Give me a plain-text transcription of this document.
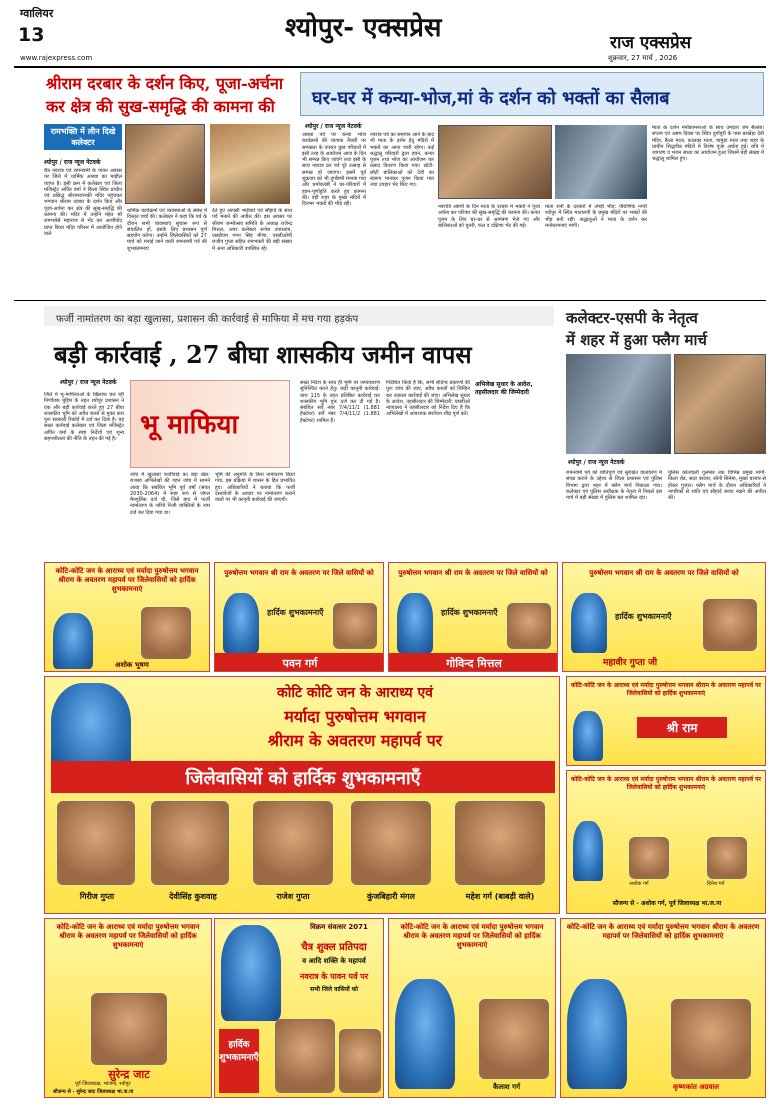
ग्वालियर
13	श्योपुर- एक्सप्रेस	राज एक्सप्रेस
www.rajexpress.com	शुक्रवार, 27 मार्च , 2026
श्रीराम दरबार के दर्शन किए, पूजा-अर्चना
कर क्षेत्र की सुख-समृद्धि की कामना की
रामभक्ति में लीन दिखे कलेक्टर
श्योपुर / राज न्यूज नेटवर्क
चैत्र नवरात्र एवं रामनवमी के पावन अवसर पर जिले में धार्मिक आस्था का माहौल व्याप्त है। इसी क्रम में कलेक्टर एवं जिला मजिस्ट्रेट अर्पित वर्मा ने किला स्थित प्राचीन एवं प्रसिद्ध श्रीरामजानकी मंदिर पहुंचकर भगवान श्रीराम दरबार के दर्शन किए और पूजा-अर्चना कर क्षेत्र की सुख-समृद्धि की कामना की। मंदिर में उन्होंने महंत श्री रामभरोसे महाराज से भेंट कर आशीर्वाद प्राप्त किया मंदिर परिसर में आयोजित होने वाले
धार्मिक कार्यक्रमों एवं व्यवस्थाओं के संबंध में विस्तृत चर्चा की। कलेक्टर ने कहा कि पर्व के दौरान सभी व्यवस्थाएं सुचारू रूप से संचालित हों, इसके लिए प्रशासन पूर्ण सहयोग करेगा। उन्होंने जिलेवासियों को 27 मार्च को मनाई जाने वाली रामनवमी पर्व की शुभकामनाएं
देते हुए आपसी भाईचारे एवं सौहार्द के साथ पर्व मनाने की अपील की। इस अवसर पर श्रीराम जन्मोत्सव समिति के अध्यक्ष राजेन्द्र मित्तल, अपर कलेक्टर रूपेश उपाध्याय, एसडीएम गगन सिंह मीणा, एसडीओपी राजीव गुप्ता सहित रामभक्तों की बड़ी संख्या में अन्य अधिकारी उपस्थित रहे।
घर-घर में कन्या-भोज,मां के दर्शन को भक्तों का सैलाब
श्योपुर / राज न्यूज नेटवर्क
आस्था पर्व पर कन्या भोज कार्यक्रमों की व्यापक तैयारी पर सम्पन्नता के उपरांत कुछ परिवारों में इसी तरह के आयोजन आज के दिन भी सम्पन्न किए जाएंगे तथा इसी के साथ नवरात्र व्रत पर्व पूरे उत्साह से सम्पन्न हो जाएगा। इसमें पूर्व शुक्रवार को भी दुर्गाष्टमी मनाया गया और धर्मावलंबी ने घर-परिवारों में हवन-पूर्णाहुति करते हुए कामना की। वहीं शहर के मुख्य मंदिरों में दिनभर भक्तों की भीड़ रही।
नवरात्र पर्व का समापन आने के बाद भी माता के दर्शन हेतु मंदिरों में भक्तों का आना जारी रहेगा। कई श्रद्धालु परिवारों द्वारा हवन, कन्या पूजन तथा भोज का आयोजन कर प्रसाद वितरण किया गया। छोटी-छोटी बालिकाओं को देवी का स्वरूप मानकर पूजन किया गया तथा उपहार भेंट किए गए।
नवरात्रि अष्टमी के दिन माता के दरबार में भक्तों ने पूजा अर्चना कर परिवार की सुख-समृद्धि की कामना की। कन्या पूजन के लिए घर-घर से आमंत्रण भेजे गए और बालिकाओं को चुनरी, फल व दक्षिणा भेंट की गई।
माता रानी के दरबारों में उमड़ी भीड़: पौराणिक नगरी श्योपुर में स्थित मातारानी के प्रमुख मंदिरों पर भक्तों की भीड़ बनी रही। श्रद्धालुओं ने माता के दर्शन कर मनोकामनाएं मांगी।
माता के दर्शन मनोकामनाओं के साथ उमड़ता जन सैलाब। सप्तम एवं अष्टम दिवस पर स्थित दुर्गापुरी के पास बरखेड़ा देवी मंदिर, कैला माता, कालका माता, चामुंडा माता तथा शहर के प्राचीन सिद्धपीठ मंदिरों में विशेष पूजा अर्चना हुई। रात्रि में जागरण व भजन संध्या का आयोजन हुआ जिसमें बड़ी संख्या में श्रद्धालु शामिल हुए।
फर्जी नामांतरण का बड़ा खुलासा, प्रशासन की कार्रवाई से माफिया में मच गया हड़कंप
बड़ी कार्रवाई , 27 बीघा शासकीय जमीन वापस
श्योपुर / राज न्यूज नेटवर्क
जिले में भू-माफियाओं के खिलाफ चल रही निर्णायक मुहिम के तहत श्योपुर प्रशासन ने एक और बड़ी कार्रवाई करते हुए 27 बीघा शासकीय भूमि को अवैध कब्जे से मुक्त करा पुनः सरकारी रिकॉर्ड में दर्ज कर दिया है। यह सख्त कार्रवाई कलेक्टर एवं जिला मजिस्ट्रेट अर्पित वर्मा के स्पष्ट निर्देशों एवं शून्य सहनशीलता की नीति के तहत की गई है। भू माफिया
जांच में खुलासा फर्जीवाड़े का बड़ा खेल: राजस्व अभिलेखों की गहन जांच में सामने आया कि संबंधित भूमि पूर्व वर्षों (संवत् 2030-2064) में स्पष्ट रूप से जंगल मैनपुर्तिक दर्ज थी, जिसे बाद में फर्जी नामांतरण के जरिये निजी व्यक्तियों के नाम दर्ज कर दिया गया था।
भूमि की अनुमति के बिना नामांतरण किया गया, इस प्रक्रिया में शासन के हित प्रभावित हुए। अधिकारियों ने बताया कि फर्जी दस्तावेजों के आधार पर नामांतरण कराने वालों पर भी कानूनी कार्रवाई की जाएगी।
सख्त निर्देश के साथ ही भूमि पर जमावशरण सुनिश्चित करने हेतु। कड़ी कानूनी कार्रवाई: धारा 115 के तहत प्रतिष्ठित कार्रवाई कर शासकीय भूमि पुनः दर्ज कर दी गई है। संबंधित सर्वे नंबर 7/4/11/1 (1.881 हेक्टेयर) सर्वे नंबर 7/4/11/2 (1.881 हेक्टेयर) शामिल हैं।
निर्देशित किया है कि, सभी संदिग्ध प्रकरणों की पुनः जांच की जाए, अवैध कब्जों को चिन्हित कर तत्काल कार्रवाई की जाए। अभिलेख सुधार के आदेश, तहसीलदार की जिम्मेदारी: एसडीओ न्यायालय ने तहसीलदार को निर्देश दिए हैं कि अभिलेखों में आवश्यक संशोधन शीघ्र पूर्ण करें।
अभिलेख सुधार के आदेश, तहसीलदार की जिम्मेदारी
कलेक्टर-एसपी के नेतृत्व
में शहर में हुआ फ्लैग मार्च
श्योपुर / राज न्यूज नेटवर्क
रामनवमी पर्व को शांतिपूर्ण एवं सुरक्षित वातावरण में संपन्न कराने के उद्देश्य से जिला प्रशासन एवं पुलिस विभाग द्वारा शहर में फ्लैग मार्च निकाला गया। कलेक्टर एवं पुलिस अधीक्षक के नेतृत्व में निकले इस मार्च में बड़ी संख्या में पुलिस बल शामिल रहा।
पुलिस कोतवाली गुलम्बर तक विभिन्न प्रमुख मार्गों-किला रोड, सदर बाजार, सोनी सिनेमा, मुख्य बाजार-से होकर गुजरा। फ्लैग मार्च के दौरान अधिकारियों ने नागरिकों से शांति एवं सौहार्द बनाए रखने की अपील की।
कोटि-कोटि जन के आराध्य एवं मर्यादा पुरुषोत्तम भगवान श्रीराम के अवतरण महापर्व पर जिलेवासियों को हार्दिक शुभकामनाएं
अशोक भूषण
पुरुषोत्तम भगवान श्री राम के अवतरण पर जिले वासियों को
हार्दिक शुभकामनाएँ
पवन गर्ग
पुरुषोत्तम भगवान श्री राम के अवतरण पर जिले वासियों को
हार्दिक शुभकामनाएँ
गोविन्द मित्तल
पुरुषोत्तम भगवान श्री राम के अवतरण पर जिले वासियों को
हार्दिक शुभकामनाएँ
महावीर गुप्ता जी
कोटि कोटि जन के आराध्य एवं
मर्यादा पुरुषोत्तम भगवान
श्रीराम के अवतरण महापर्व पर
जिलेवासियों को हार्दिक शुभकामनाएँ
गिरीज गुप्ता	देवीसिंह कुशवाह	राजेश गुप्ता	कुंजबिहारी मंगल	महेश गर्ग (बाबड़ी वाले)
कोटि-कोटि जन के आराध्य एवं मर्यादा पुरुषोत्तम भगवान श्रीराम के अवतरण महापर्व पर जिलेवासियों को हार्दिक शुभकामनाएं
श्री राम
कोटि-कोटि जन के आराध्य एवं मर्यादा पुरुषोत्तम भगवान श्रीराम के अवतरण महापर्व पर जिलेवासियों को हार्दिक शुभकामनाएं
अशोक गर्ग	दिनेश गर्ग
सौजन्य से - अशोक गर्ग, पूर्व जिलाध्यक्ष भा.ज.पा
कोटि-कोटि जन के आराध्य एवं मर्यादा पुरुषोत्तम भगवान श्रीराम के अवतरण महापर्व पर जिलेवासियों को हार्दिक शुभकामनाएं
सुरेन्द्र जाट
पूर्व जिलाध्यक्ष, भाजपा, श्योपुर
सौजन्य से - सुरेन्द्र जाट जिलाध्यक्ष भा.ज.पा
विक्रम संवत्सर 2071
चैत्र शुक्ल प्रतिपदा
व आदि शक्ति के महापर्व
नवरात्र के पावन पर्व पर
सभी जिले वासियों को
हार्दिक शुभकामनाएँ
कोटि-कोटि जन के आराध्य एवं मर्यादा पुरुषोत्तम भगवान श्रीराम के अवतरण महापर्व पर जिलेवासियों को हार्दिक शुभकामनाएं
कैलाश गर्ग
कोटि-कोटि जन के आराध्य एवं मर्यादा पुरुषोत्तम भगवान श्रीराम के अवतरण महापर्व पर जिलेवासियों को हार्दिक शुभकामनाएं
कृष्णकांत अग्रवाल
